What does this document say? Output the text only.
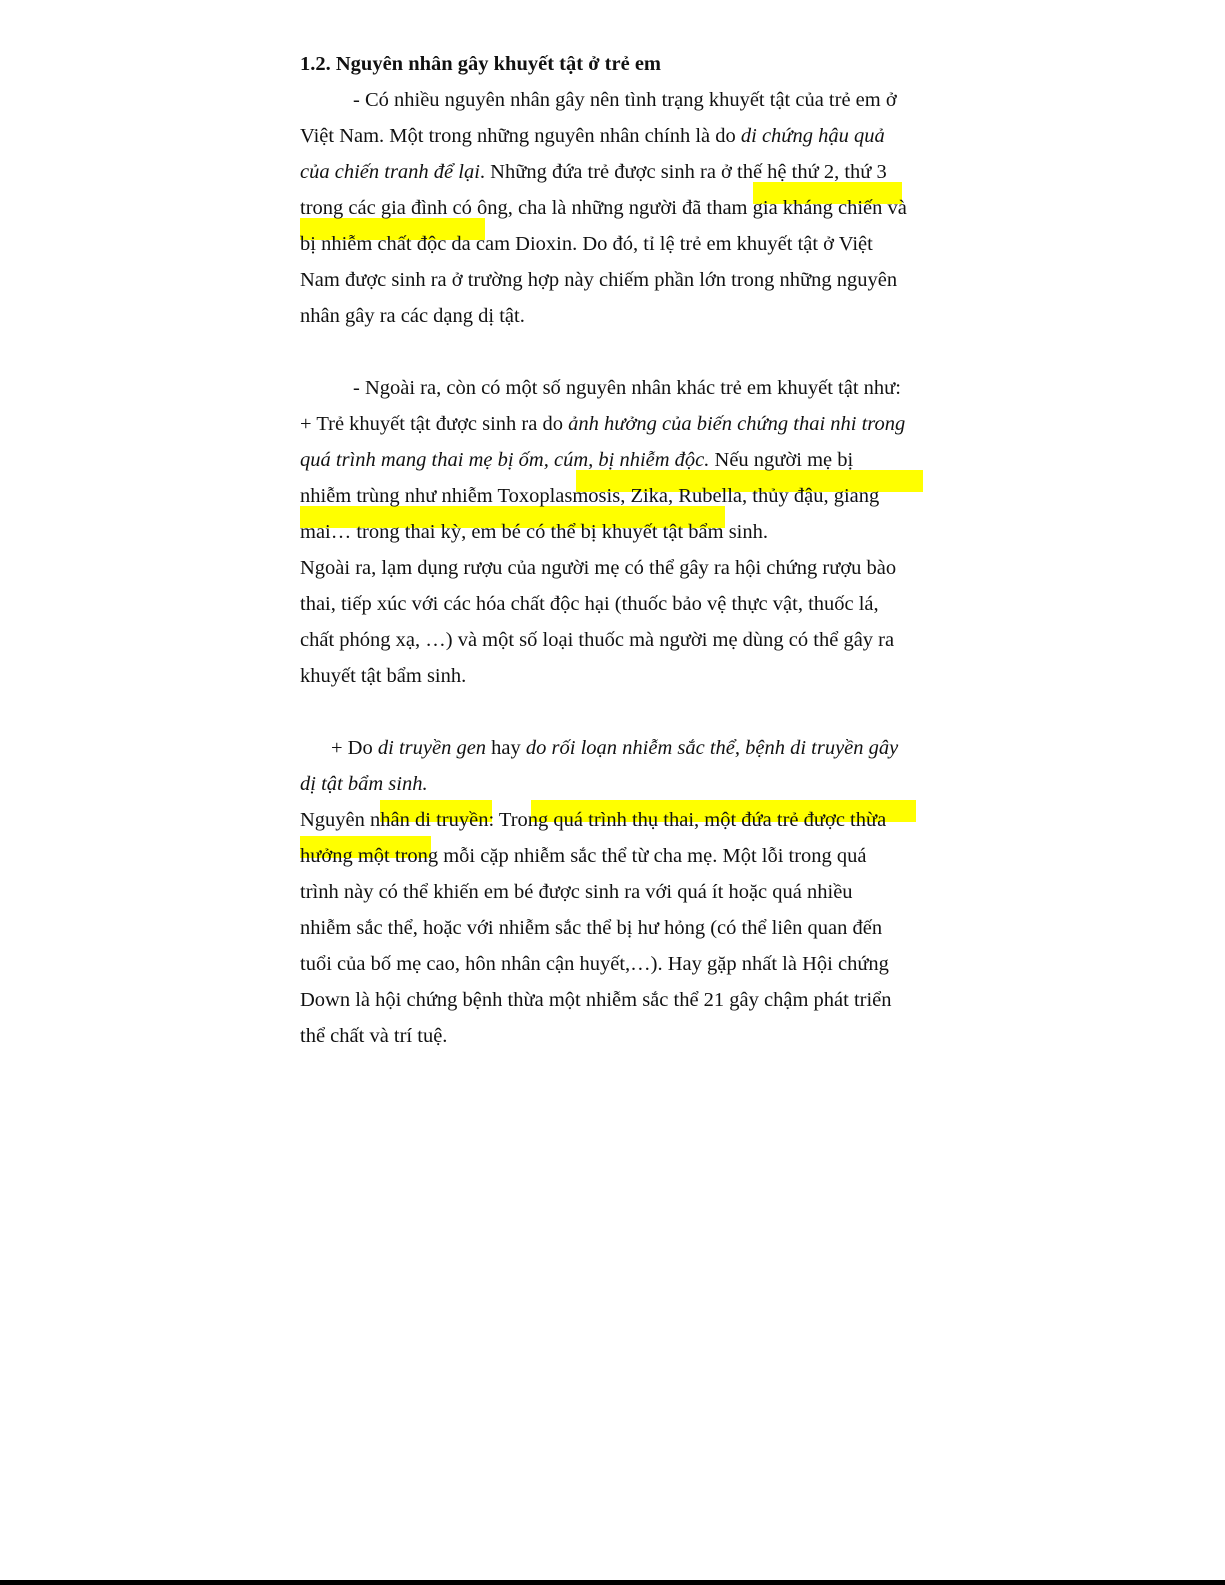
1.2. Nguyên nhân gây khuyết tật ở trẻ em

- Có nhiều nguyên nhân gây nên tình trạng khuyết tật của trẻ em ở
Việt Nam. Một trong những nguyên nhân chính là do di chứng hậu quả
của chiến tranh để lại. Những đứa trẻ được sinh ra ở thế hệ thứ 2, thứ 3
trong các gia đình có ông, cha là những người đã tham gia kháng chiến và
bị nhiễm chất độc da cam Dioxin. Do đó, tỉ lệ trẻ em khuyết tật ở Việt
Nam được sinh ra ở trường hợp này chiếm phần lớn trong những nguyên
nhân gây ra các dạng dị tật.

- Ngoài ra, còn có một số nguyên nhân khác trẻ em khuyết tật như:
+ Trẻ khuyết tật được sinh ra do ảnh hưởng của biến chứng thai nhi trong
quá trình mang thai mẹ bị ốm, cúm, bị nhiễm độc. Nếu người mẹ bị
nhiễm trùng như nhiễm Toxoplasmosis, Zika, Rubella, thủy đậu, giang
mai… trong thai kỳ, em bé có thể bị khuyết tật bẩm sinh.

Ngoài ra, lạm dụng rượu của người mẹ có thể gây ra hội chứng rượu bào
thai, tiếp xúc với các hóa chất độc hại (thuốc bảo vệ thực vật, thuốc lá,
chất phóng xạ, …) và một số loại thuốc mà người mẹ dùng có thể gây ra
khuyết tật bẩm sinh.

+ Do di truyền gen hay do rối loạn nhiễm sắc thể, bệnh di truyền gây
dị tật bẩm sinh.

Nguyên nhân di truyền: Trong quá trình thụ thai, một đứa trẻ được thừa
hưởng một trong mỗi cặp nhiễm sắc thể từ cha mẹ. Một lỗi trong quá
trình này có thể khiến em bé được sinh ra với quá ít hoặc quá nhiều
nhiễm sắc thể, hoặc với nhiễm sắc thể bị hư hỏng (có thể liên quan đến
tuổi của bố mẹ cao, hôn nhân cận huyết,…). Hay gặp nhất là Hội chứng
Down là hội chứng bệnh thừa một nhiễm sắc thể 21 gây chậm phát triển
thể chất và trí tuệ.
